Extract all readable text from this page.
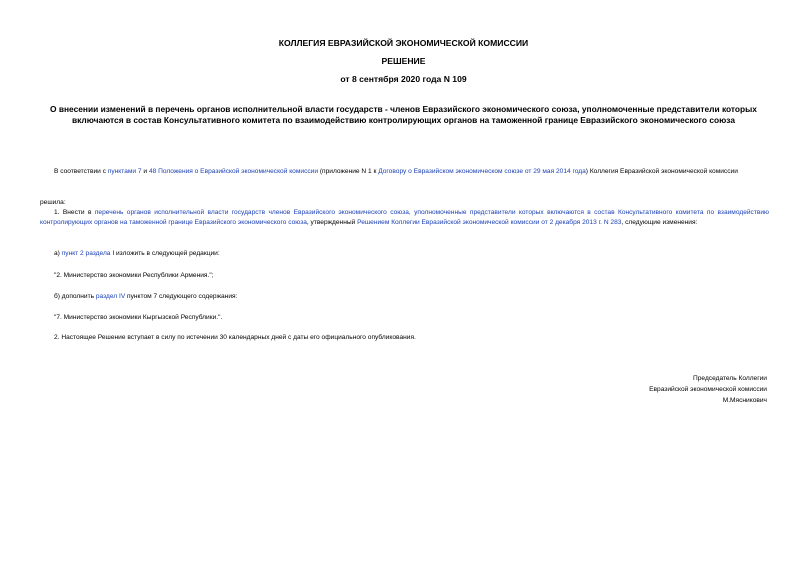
КОЛЛЕГИЯ ЕВРАЗИЙСКОЙ ЭКОНОМИЧЕСКОЙ КОМИССИИ
РЕШЕНИЕ
от 8 сентября 2020 года N 109
О внесении изменений в перечень органов исполнительной власти государств - членов Евразийского экономического союза, уполномоченные представители которых включаются в состав Консультативного комитета по взаимодействию контролирующих органов на таможенной границе Евразийского экономического союза
В соответствии с пунктами 7 и 48 Положения о Евразийской экономической комиссии (приложение N 1 к Договору о Евразийском экономическом союзе от 29 мая 2014 года) Коллегия Евразийской экономической комиссии
решила:
1. Внести в перечень органов исполнительной власти государств членов Евразийского экономического союза, уполномоченные представители которых включаются в состав Консультативного комитета по взаимодействию контролирующих органов на таможенной границе Евразийского экономического союза, утвержденный Решением Коллегии Евразийской экономической комиссии от 2 декабря 2013 г. N 283, следующие изменения:
а) пункт 2 раздела I изложить в следующей редакции:
"2. Министерство экономики Республики Армения.";
б) дополнить раздел IV пунктом 7 следующего содержания:
"7. Министерство экономики Кыргызской Республики.".
2. Настоящее Решение вступает в силу по истечении 30 календарных дней с даты его официального опубликования.
Председатель Коллегии
Евразийской экономической комиссии
М.Мясникович
